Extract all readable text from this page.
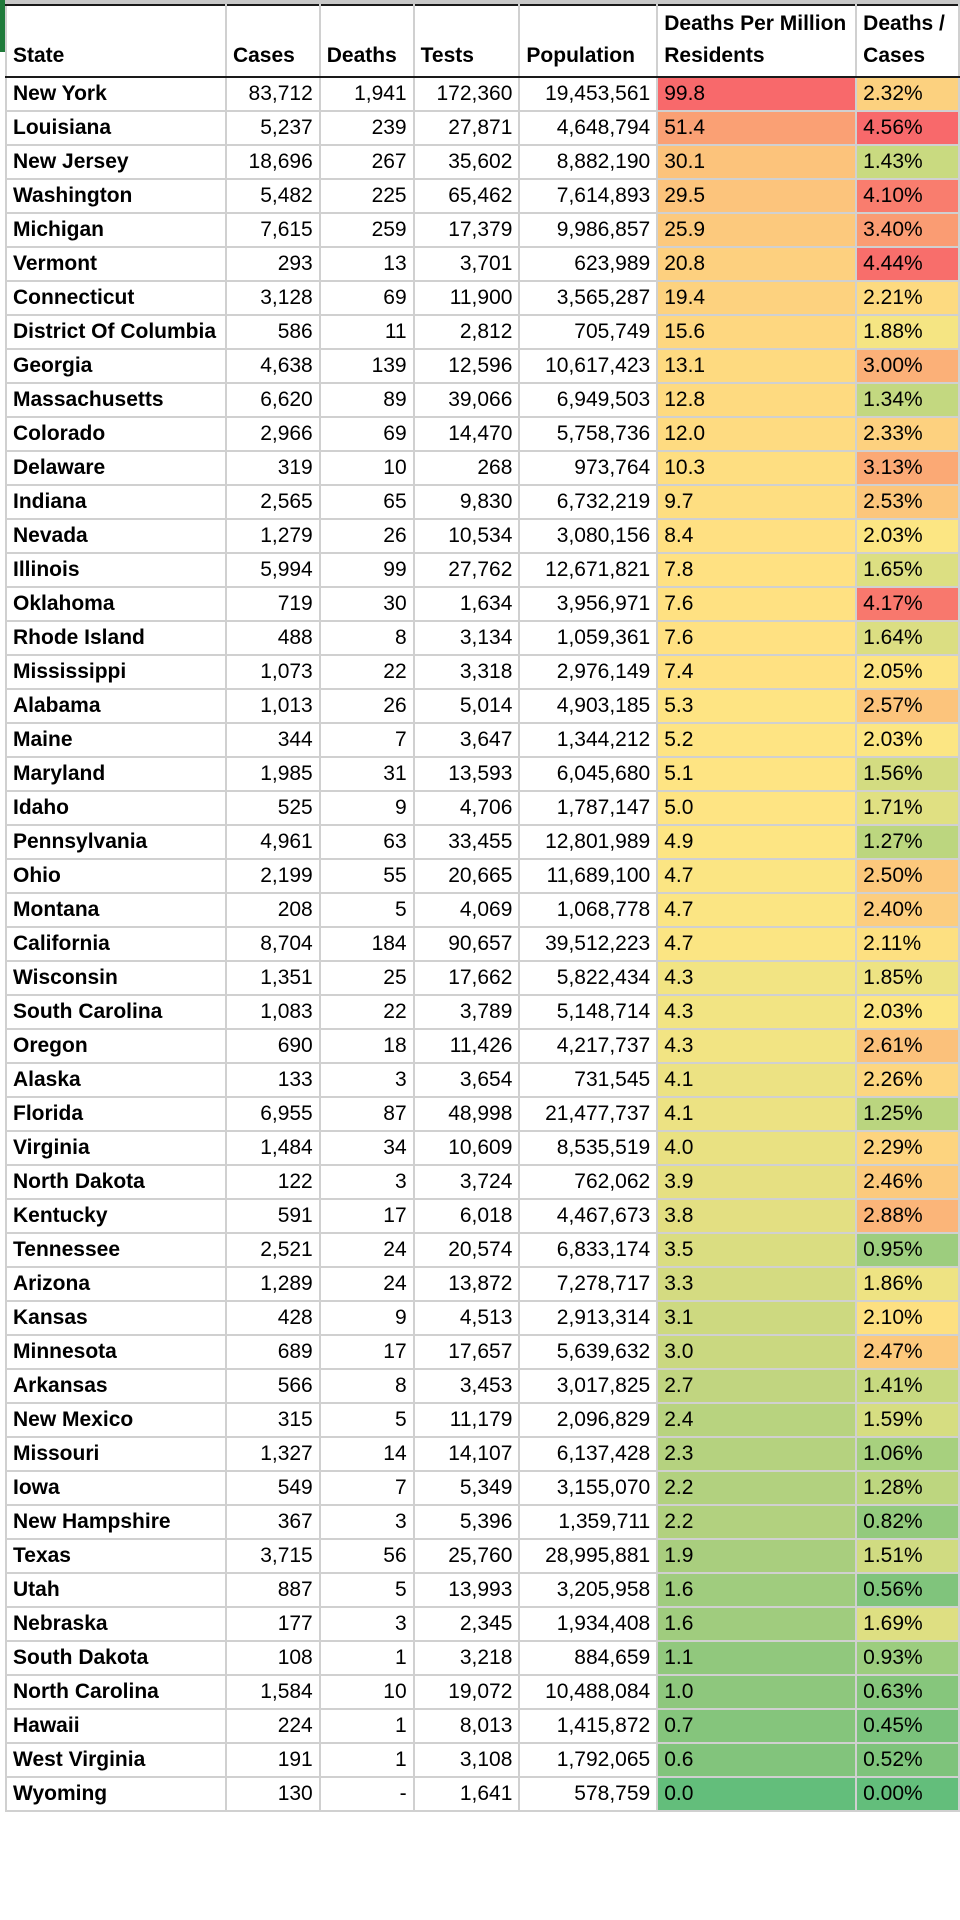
State	Cases	Deaths	Tests	Population	Deaths Per Million Residents	Deaths / Cases
New York	83,712	1,941	172,360	19,453,561	99.8	2.32%
Louisiana	5,237	239	27,871	4,648,794	51.4	4.56%
New Jersey	18,696	267	35,602	8,882,190	30.1	1.43%
Washington	5,482	225	65,462	7,614,893	29.5	4.10%
Michigan	7,615	259	17,379	9,986,857	25.9	3.40%
Vermont	293	13	3,701	623,989	20.8	4.44%
Connecticut	3,128	69	11,900	3,565,287	19.4	2.21%
District Of Columbia	586	11	2,812	705,749	15.6	1.88%
Georgia	4,638	139	12,596	10,617,423	13.1	3.00%
Massachusetts	6,620	89	39,066	6,949,503	12.8	1.34%
Colorado	2,966	69	14,470	5,758,736	12.0	2.33%
Delaware	319	10	268	973,764	10.3	3.13%
Indiana	2,565	65	9,830	6,732,219	9.7	2.53%
Nevada	1,279	26	10,534	3,080,156	8.4	2.03%
Illinois	5,994	99	27,762	12,671,821	7.8	1.65%
Oklahoma	719	30	1,634	3,956,971	7.6	4.17%
Rhode Island	488	8	3,134	1,059,361	7.6	1.64%
Mississippi	1,073	22	3,318	2,976,149	7.4	2.05%
Alabama	1,013	26	5,014	4,903,185	5.3	2.57%
Maine	344	7	3,647	1,344,212	5.2	2.03%
Maryland	1,985	31	13,593	6,045,680	5.1	1.56%
Idaho	525	9	4,706	1,787,147	5.0	1.71%
Pennsylvania	4,961	63	33,455	12,801,989	4.9	1.27%
Ohio	2,199	55	20,665	11,689,100	4.7	2.50%
Montana	208	5	4,069	1,068,778	4.7	2.40%
California	8,704	184	90,657	39,512,223	4.7	2.11%
Wisconsin	1,351	25	17,662	5,822,434	4.3	1.85%
South Carolina	1,083	22	3,789	5,148,714	4.3	2.03%
Oregon	690	18	11,426	4,217,737	4.3	2.61%
Alaska	133	3	3,654	731,545	4.1	2.26%
Florida	6,955	87	48,998	21,477,737	4.1	1.25%
Virginia	1,484	34	10,609	8,535,519	4.0	2.29%
North Dakota	122	3	3,724	762,062	3.9	2.46%
Kentucky	591	17	6,018	4,467,673	3.8	2.88%
Tennessee	2,521	24	20,574	6,833,174	3.5	0.95%
Arizona	1,289	24	13,872	7,278,717	3.3	1.86%
Kansas	428	9	4,513	2,913,314	3.1	2.10%
Minnesota	689	17	17,657	5,639,632	3.0	2.47%
Arkansas	566	8	3,453	3,017,825	2.7	1.41%
New Mexico	315	5	11,179	2,096,829	2.4	1.59%
Missouri	1,327	14	14,107	6,137,428	2.3	1.06%
Iowa	549	7	5,349	3,155,070	2.2	1.28%
New Hampshire	367	3	5,396	1,359,711	2.2	0.82%
Texas	3,715	56	25,760	28,995,881	1.9	1.51%
Utah	887	5	13,993	3,205,958	1.6	0.56%
Nebraska	177	3	2,345	1,934,408	1.6	1.69%
South Dakota	108	1	3,218	884,659	1.1	0.93%
North Carolina	1,584	10	19,072	10,488,084	1.0	0.63%
Hawaii	224	1	8,013	1,415,872	0.7	0.45%
West Virginia	191	1	3,108	1,792,065	0.6	0.52%
Wyoming	130	-	1,641	578,759	0.0	0.00%
